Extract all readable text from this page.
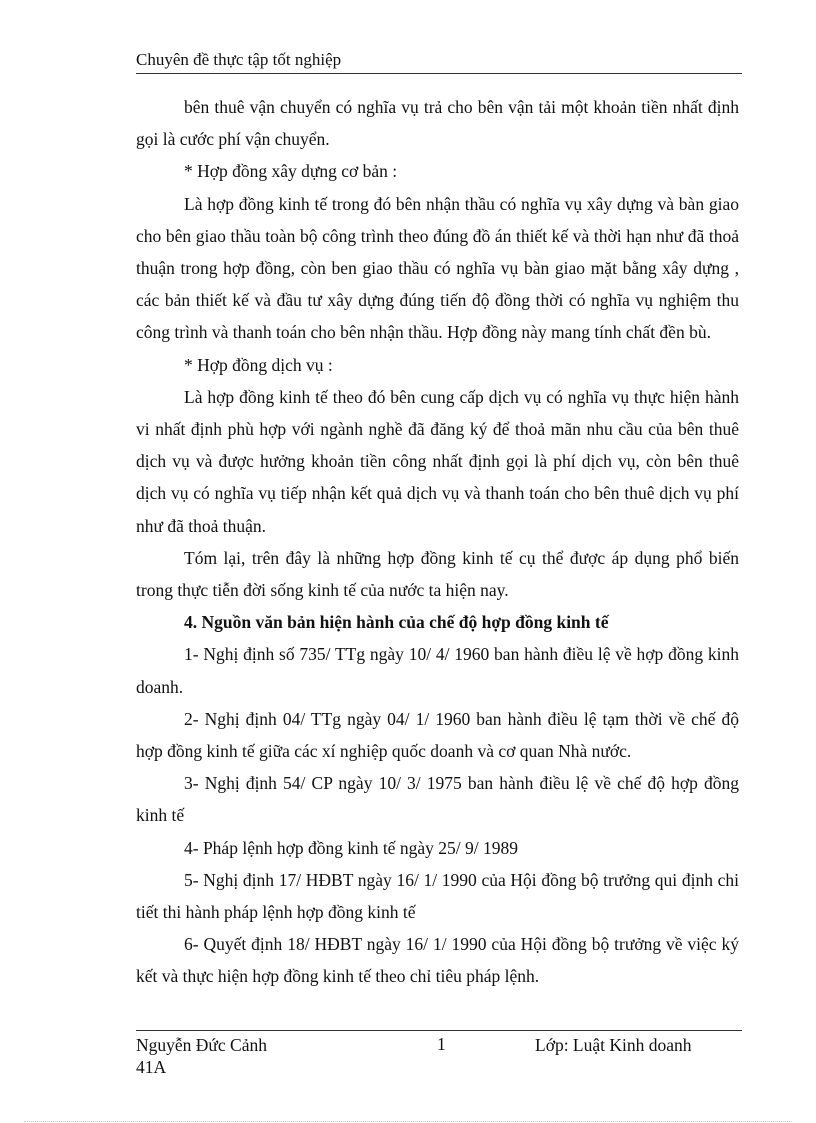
Chuyên đề thực tập tốt nghiệp

bên thuê vận chuyển có nghĩa vụ trả cho bên vận tải một khoản tiền nhất định gọi là cước phí vận chuyển.

* Hợp đồng xây dựng cơ bản :

Là hợp đồng kinh tế trong đó bên nhận thầu có nghĩa vụ xây dựng và bàn giao cho bên giao thầu toàn bộ công trình theo đúng đồ án thiết kế và thời hạn như đã thoả thuận trong hợp đồng, còn ben giao thầu có nghĩa vụ bàn giao mặt bằng xây dựng , các bản thiết kế và đầu tư xây dựng đúng tiến độ đồng thời có nghĩa vụ nghiệm thu công trình và thanh toán cho bên nhận thầu. Hợp đồng này mang tính chất đền bù.

* Hợp đồng dịch vụ :

Là hợp đồng kinh tế theo đó bên cung cấp dịch vụ có nghĩa vụ thực hiện hành vi nhất định phù hợp với ngành nghề đã đăng ký để thoả mãn nhu cầu của bên thuê dịch vụ và được hưởng khoản tiền công nhất định gọi là phí dịch vụ, còn bên thuê dịch vụ có nghĩa vụ tiếp nhận kết quả dịch vụ và thanh toán cho bên thuê dịch vụ phí như đã thoả thuận.

Tóm lại, trên đây là những hợp đồng kinh tế cụ thể được áp dụng phổ biến trong thực tiễn đời sống kinh tế của nước ta hiện nay.

4. Nguồn văn bản hiện hành của chế độ hợp đồng kinh tế

1- Nghị định số 735/ TTg ngày 10/ 4/ 1960 ban hành điều lệ về hợp đồng kinh doanh.

2- Nghị định 04/ TTg ngày 04/ 1/ 1960 ban hành điều lệ tạm thời về chế độ hợp đồng kinh tế giữa các xí nghiệp quốc doanh và cơ quan Nhà nước.

3- Nghị định 54/ CP ngày 10/ 3/ 1975 ban hành điều lệ về chế độ hợp đồng kinh tế

4- Pháp lệnh hợp đồng kinh tế ngày 25/ 9/ 1989

5- Nghị định 17/ HĐBT ngày 16/ 1/ 1990 của Hội đồng bộ trưởng qui định chi tiết thi hành pháp lệnh hợp đồng kinh tế

6- Quyết định 18/ HĐBT ngày 16/ 1/ 1990 của Hội đồng bộ trưởng về việc ký kết và thực hiện hợp đồng kinh tế theo chỉ tiêu pháp lệnh.

Nguyễn Đức Cảnh
41A
1	Lớp: Luật Kinh doanh
